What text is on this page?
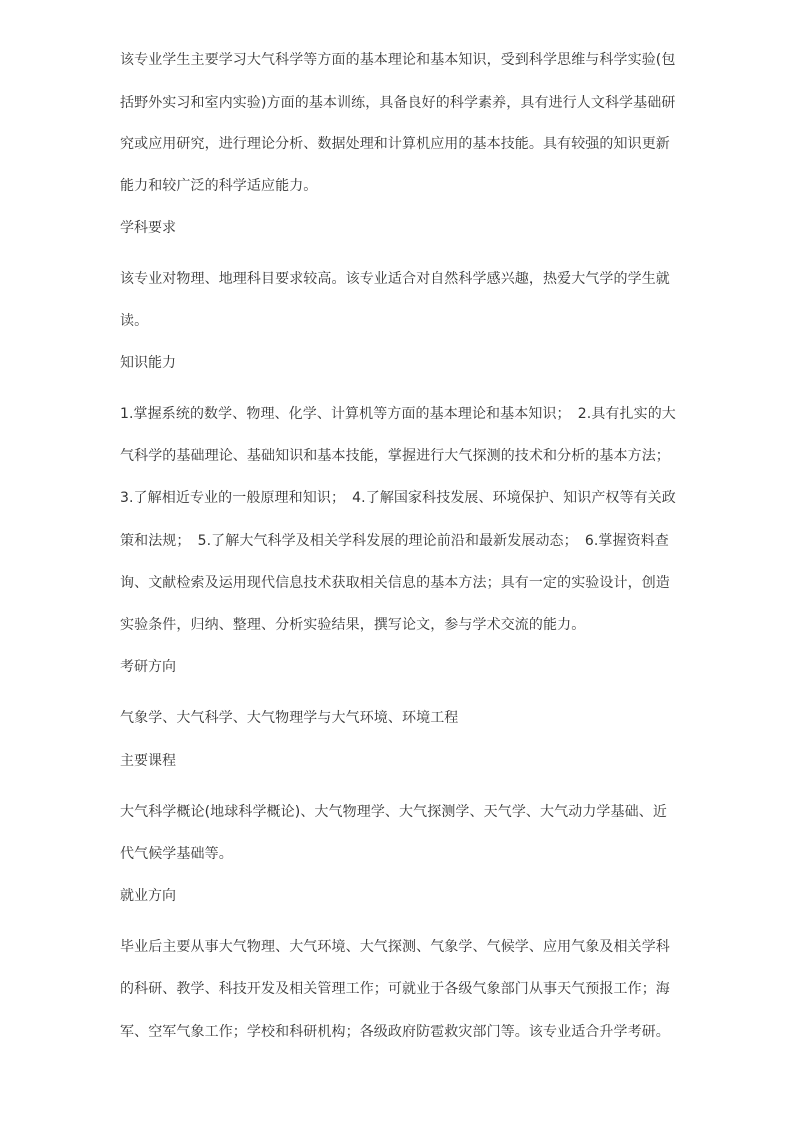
该专业学生主要学习大气科学等方面的基本理论和基本知识，受到科学思维与科学实验(包
括野外实习和室内实验)方面的基本训练，具备良好的科学素养，具有进行人文科学基础研
究或应用研究，进行理论分析、数据处理和计算机应用的基本技能。具有较强的知识更新
能力和较广泛的科学适应能力。
学科要求
该专业对物理、地理科目要求较高。该专业适合对自然科学感兴趣，热爱大气学的学生就
读。
知识能力
1.掌握系统的数学、物理、化学、计算机等方面的基本理论和基本知识；　2.具有扎实的大
气科学的基础理论、基础知识和基本技能，掌握进行大气探测的技术和分析的基本方法；
3.了解相近专业的一般原理和知识；　4.了解国家科技发展、环境保护、知识产权等有关政
策和法规；　5.了解大气科学及相关学科发展的理论前沿和最新发展动态；　6.掌握资料查
询、文献检索及运用现代信息技术获取相关信息的基本方法；具有一定的实验设计，创造
实验条件，归纳、整理、分析实验结果，撰写论文，参与学术交流的能力。
考研方向
气象学、大气科学、大气物理学与大气环境、环境工程
主要课程
大气科学概论(地球科学概论)、大气物理学、大气探测学、天气学、大气动力学基础、近
代气候学基础等。
就业方向
毕业后主要从事大气物理、大气环境、大气探测、气象学、气候学、应用气象及相关学科
的科研、教学、科技开发及相关管理工作；可就业于各级气象部门从事天气预报工作；海
军、空军气象工作；学校和科研机构；各级政府防雹救灾部门等。该专业适合升学考研。
